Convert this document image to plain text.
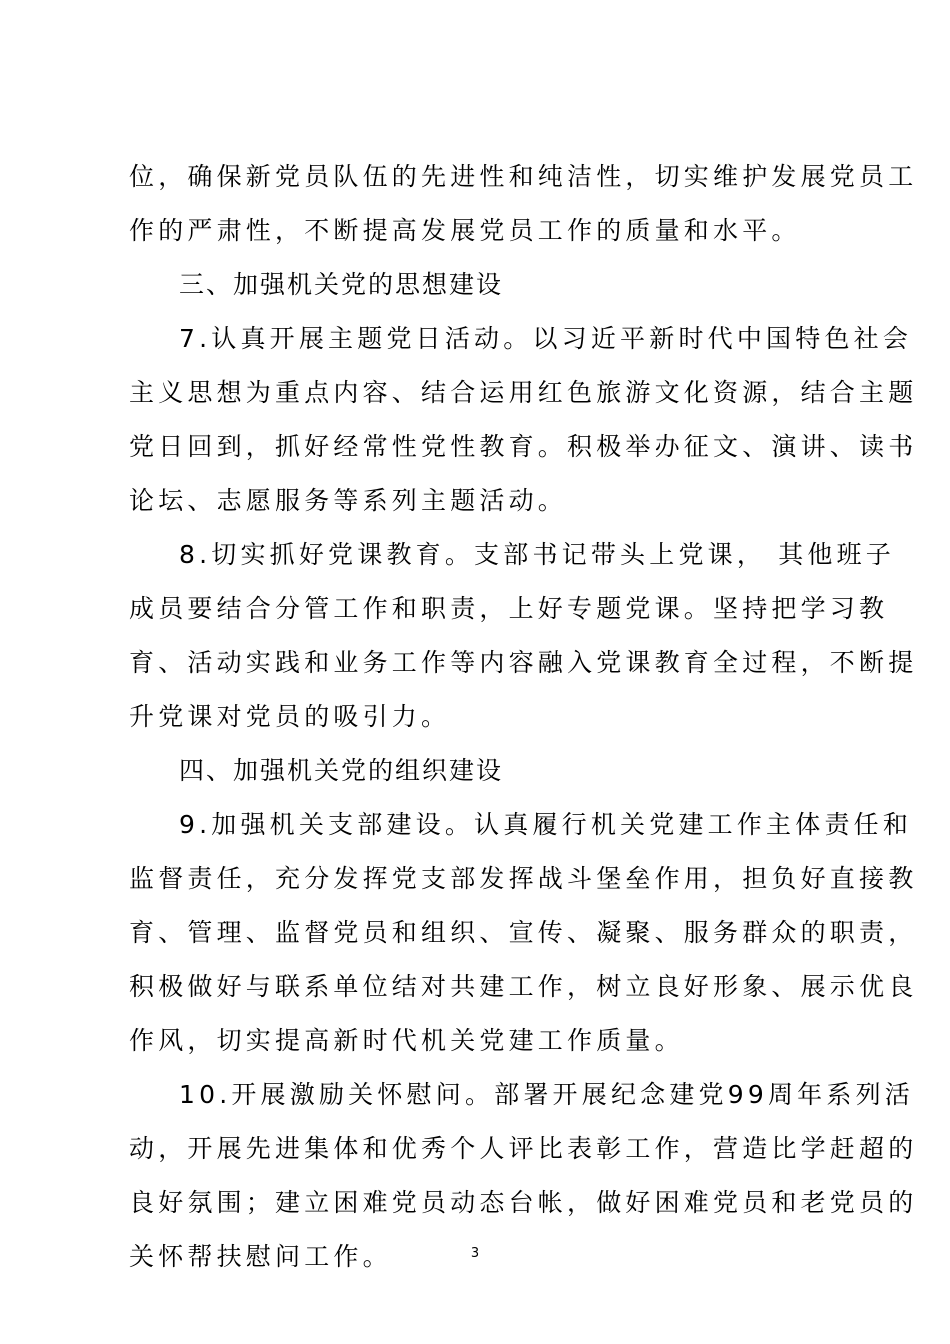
位，确保新党员队伍的先进性和纯洁性，切实维护发展党员工
作的严肃性，不断提高发展党员工作的质量和水平。
三、加强机关党的思想建设
7.认真开展主题党日活动。以习近平新时代中国特色社会
主义思想为重点内容、结合运用红色旅游文化资源，结合主题
党日回到，抓好经常性党性教育。积极举办征文、演讲、读书
论坛、志愿服务等系列主题活动。
8.切实抓好党课教育。支部书记带头上党课， 其他班子
成员要结合分管工作和职责，上好专题党课。坚持把学习教
育、活动实践和业务工作等内容融入党课教育全过程，不断提
升党课对党员的吸引力。
四、加强机关党的组织建设
9.加强机关支部建设。认真履行机关党建工作主体责任和
监督责任，充分发挥党支部发挥战斗堡垒作用，担负好直接教
育、管理、监督党员和组织、宣传、凝聚、服务群众的职责，
积极做好与联系单位结对共建工作，树立良好形象、展示优良
作风，切实提高新时代机关党建工作质量。
10.开展激励关怀慰问。部署开展纪念建党99周年系列活
动，开展先进集体和优秀个人评比表彰工作，营造比学赶超的
良好氛围；建立困难党员动态台帐，做好困难党员和老党员的
关怀帮扶慰问工作。	3
